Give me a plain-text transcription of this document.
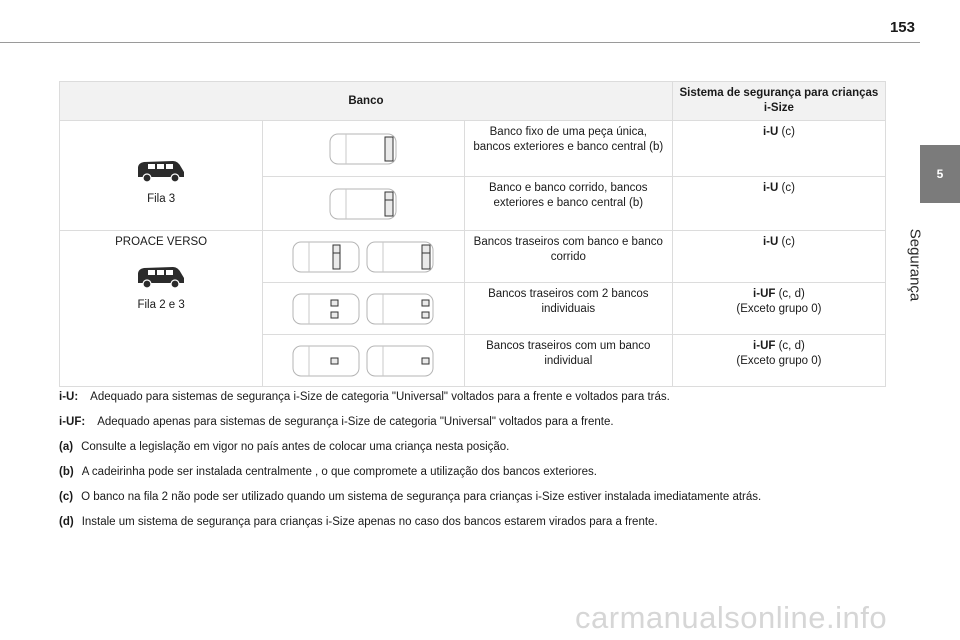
153
5
Segurança
Banco			Sistema de segurança para crianças i-Size

Fila 3		Banco fixo de uma peça única, bancos exteriores e banco central (b)	i-U (c)

	Banco e banco corrido, bancos exteriores e banco central (b)	i-U (c)

PROACE VERSO
Fila 2 e 3		Bancos traseiros com banco e banco corrido	i-U (c)

	Bancos traseiros com 2 bancos individuais	i-UF (c, d)
(Exceto grupo 0)

	Bancos traseiros com um banco individual	i-UF (c, d)
(Exceto grupo 0)
i-U: Adequado para sistemas de segurança i-Size de categoria "Universal" voltados para a frente e voltados para trás.
i-UF: Adequado apenas para sistemas de segurança i-Size de categoria "Universal" voltados para a frente.
(a) Consulte a legislação em vigor no país antes de colocar uma criança nesta posição.
(b) A cadeirinha pode ser instalada centralmente , o que compromete a utilização dos bancos exteriores.
(c) O banco na fila 2 não pode ser utilizado quando um sistema de segurança para crianças i-Size estiver instalada imediatamente atrás.
(d) Instale um sistema de segurança para crianças i-Size apenas no caso dos bancos estarem virados para a frente.
carmanualsonline.info
